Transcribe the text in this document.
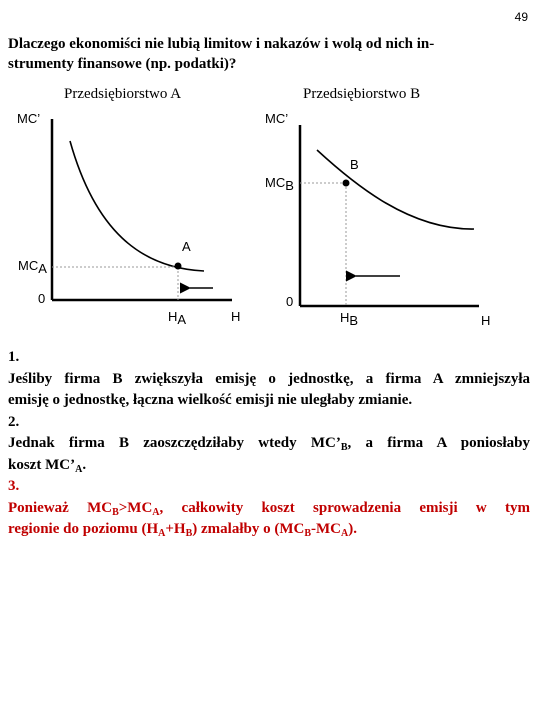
49
Dlaczego ekonomiści nie lubią limitow i nakazów i wolą od nich in-
strumenty finansowe (np. podatki)?
Przedsiębiorstwo A	Przedsiębiorstwo B
MC’
MCA
0
A
HA	H
MC’
MCB
0
B
HB	H
1.
Jeśliby firma B zwiększyła emisję o jednostkę, a firma A zmniejszyła
emisję o jednostkę, łączna wielkość emisji nie uległaby zmianie.
2.
Jednak firma B zaoszczędziłaby wtedy $MC’_B$, a firma A poniosłaby
koszt $MC’_A$.
3.
Ponieważ $MC_B>MC_A$, całkowity koszt sprowadzenia emisji w tym
regionie do poziomu $(H_A+H_B)$ zmalałby o $(MC_B-MC_A)$.
